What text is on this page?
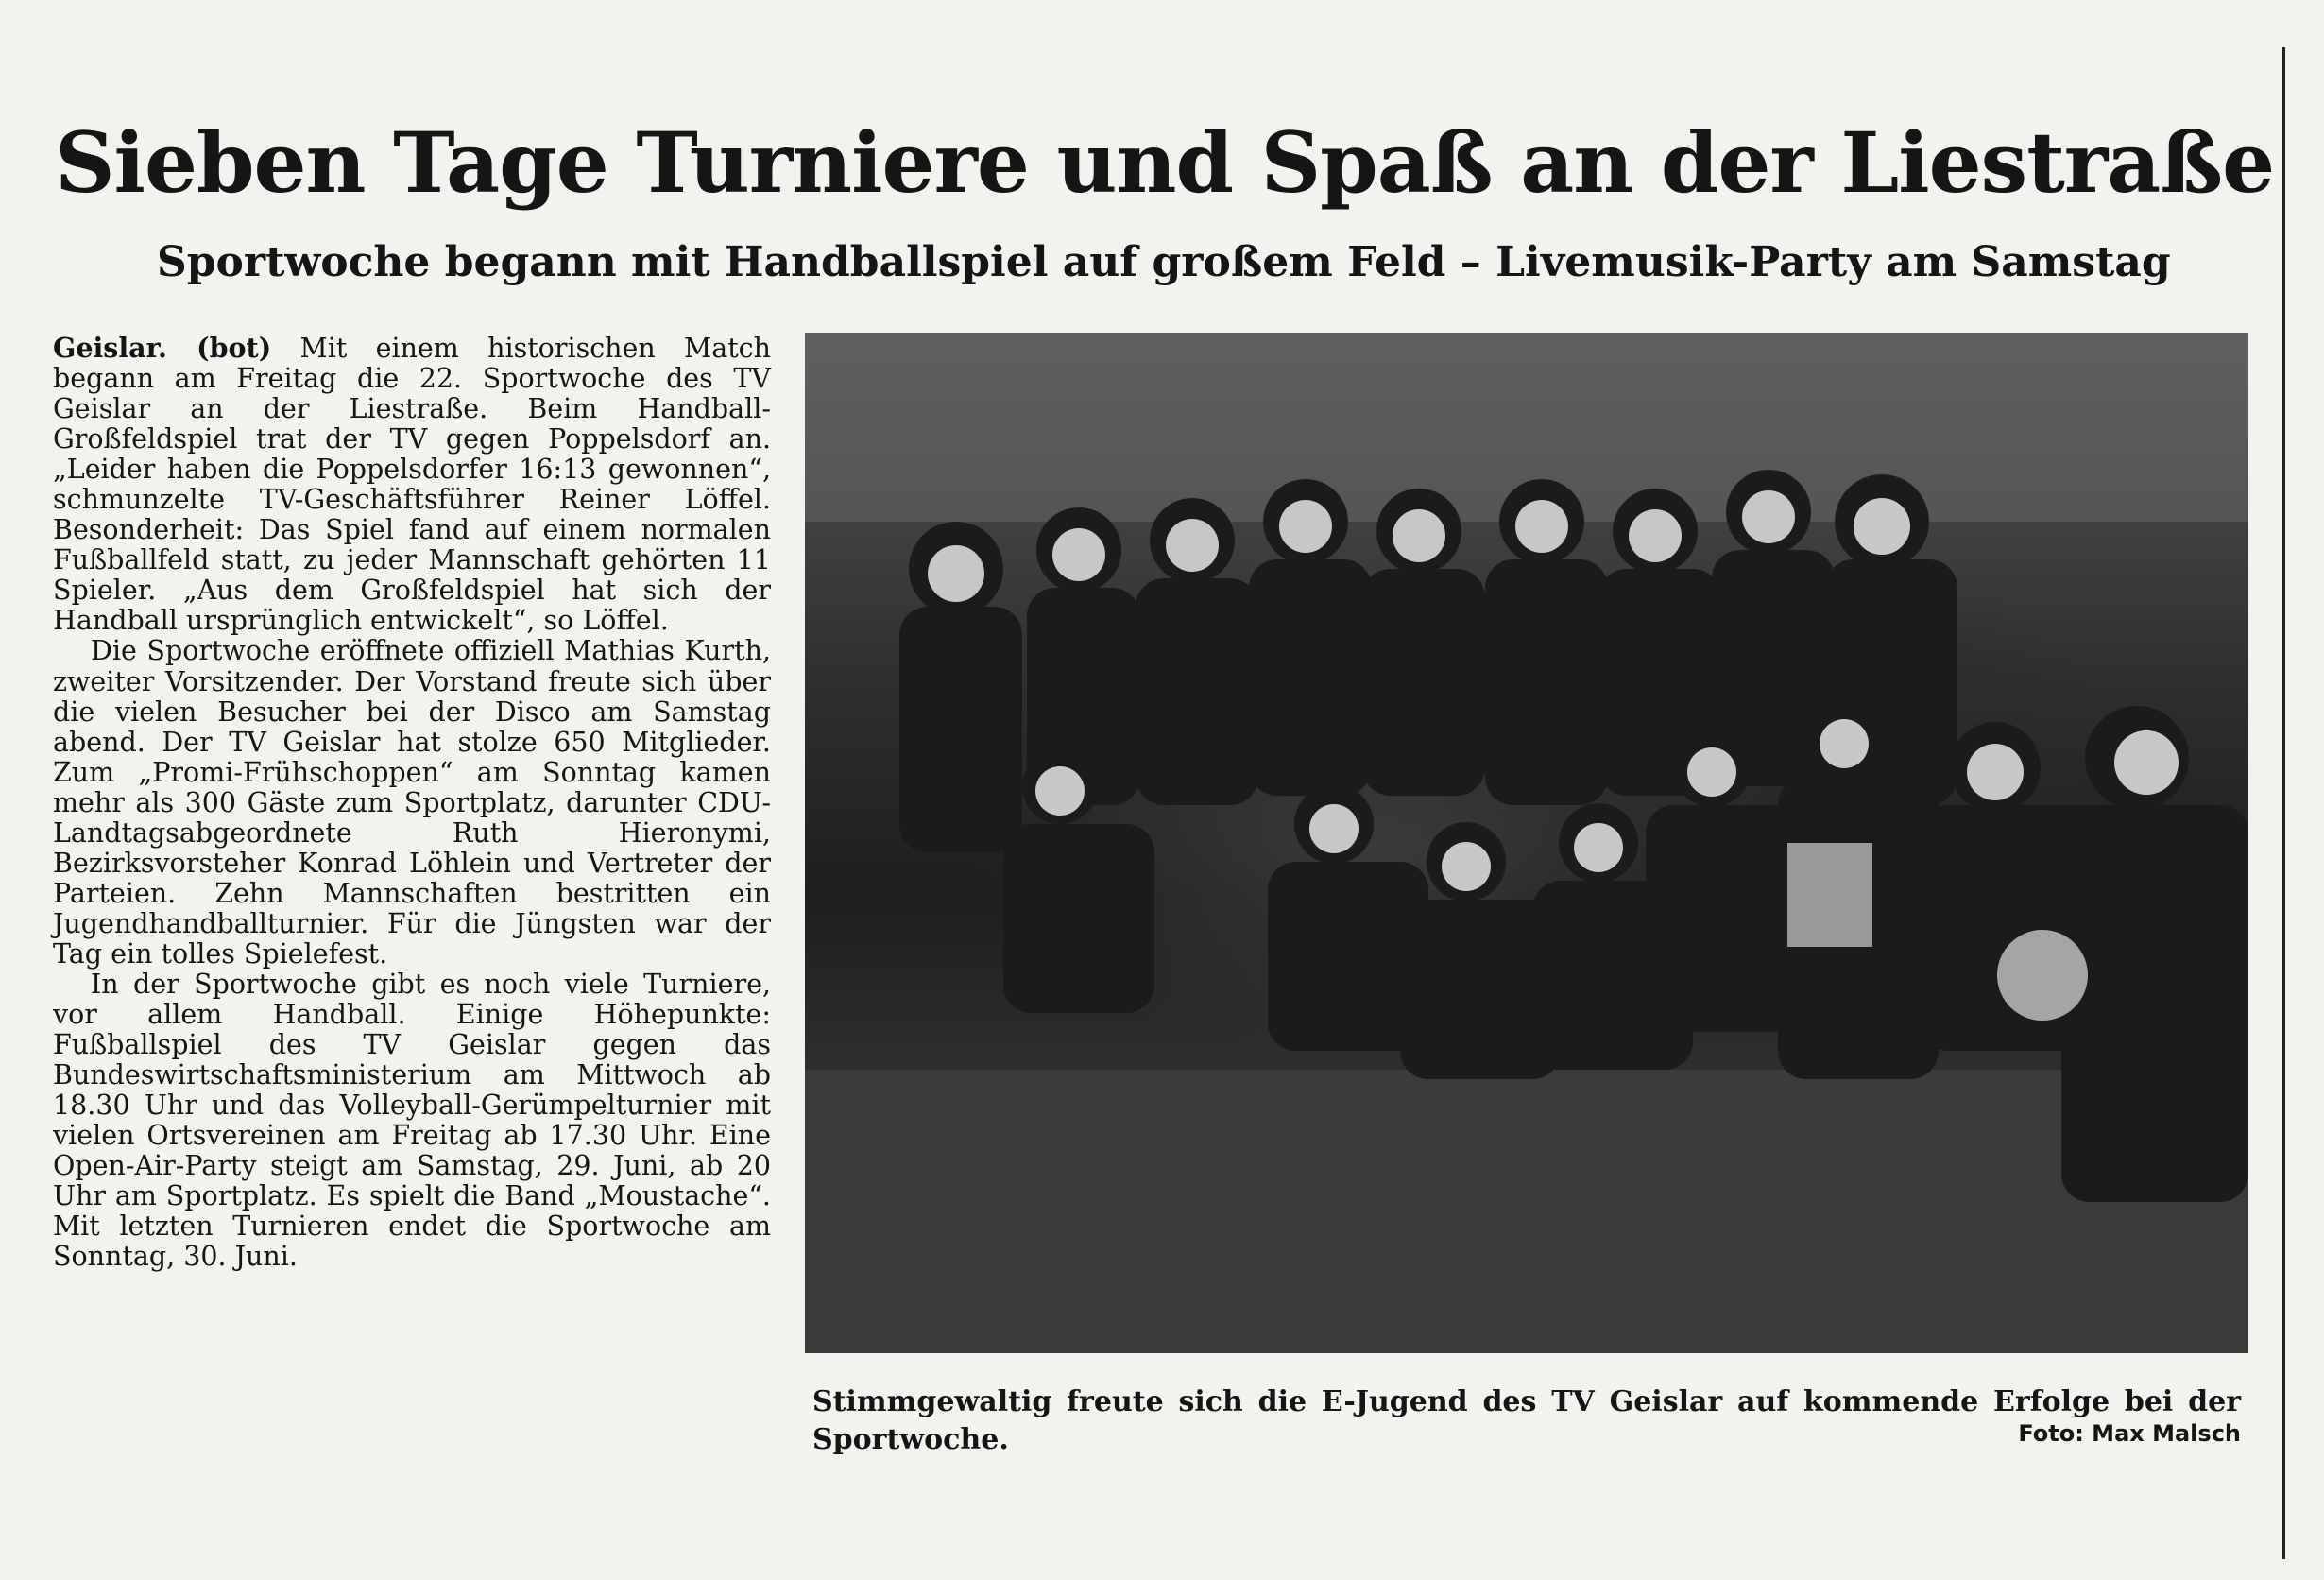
Sieben Tage Turniere und Spaß an der Liestraße
Sportwoche begann mit Handballspiel auf großem Feld – Livemusik-Party am Samstag

Geislar. (bot) Mit einem historischen Match begann am Freitag die 22. Sportwoche des TV Geislar an der Liestraße. Beim Handball-Großfeldspiel trat der TV gegen Poppelsdorf an. „Leider haben die Poppelsdorfer 16:13 gewonnen“, schmunzelte TV-Geschäftsführer Reiner Löffel. Besonderheit: Das Spiel fand auf einem normalen Fußballfeld statt, zu jeder Mannschaft gehörten 11 Spieler. „Aus dem Großfeldspiel hat sich der Handball ursprünglich entwickelt“, so Löffel.

Die Sportwoche eröffnete offiziell Mathias Kurth, zweiter Vorsitzender. Der Vorstand freute sich über die vielen Besucher bei der Disco am Samstag abend. Der TV Geislar hat stolze 650 Mitglieder. Zum „Promi-Frühschoppen“ am Sonntag kamen mehr als 300 Gäste zum Sportplatz, darunter CDU-Landtagsabgeordnete Ruth Hieronymi, Bezirksvorsteher Konrad Löhlein und Vertreter der Parteien. Zehn Mannschaften bestritten ein Jugendhandballturnier. Für die Jüngsten war der Tag ein tolles Spielefest.

In der Sportwoche gibt es noch viele Turniere, vor allem Handball. Einige Höhepunkte: Fußballspiel des TV Geislar gegen das Bundeswirtschaftsministerium am Mittwoch ab 18.30 Uhr und das Volleyball-Gerümpelturnier mit vielen Ortsvereinen am Freitag ab 17.30 Uhr. Eine Open-Air-Party steigt am Samstag, 29. Juni, ab 20 Uhr am Sportplatz. Es spielt die Band „Moustache“. Mit letzten Turnieren endet die Sportwoche am Sonntag, 30. Juni.

Stimmgewaltig freute sich die E-Jugend des TV Geislar auf kommende Erfolge bei der Sportwoche.	Foto: Max Malsch
